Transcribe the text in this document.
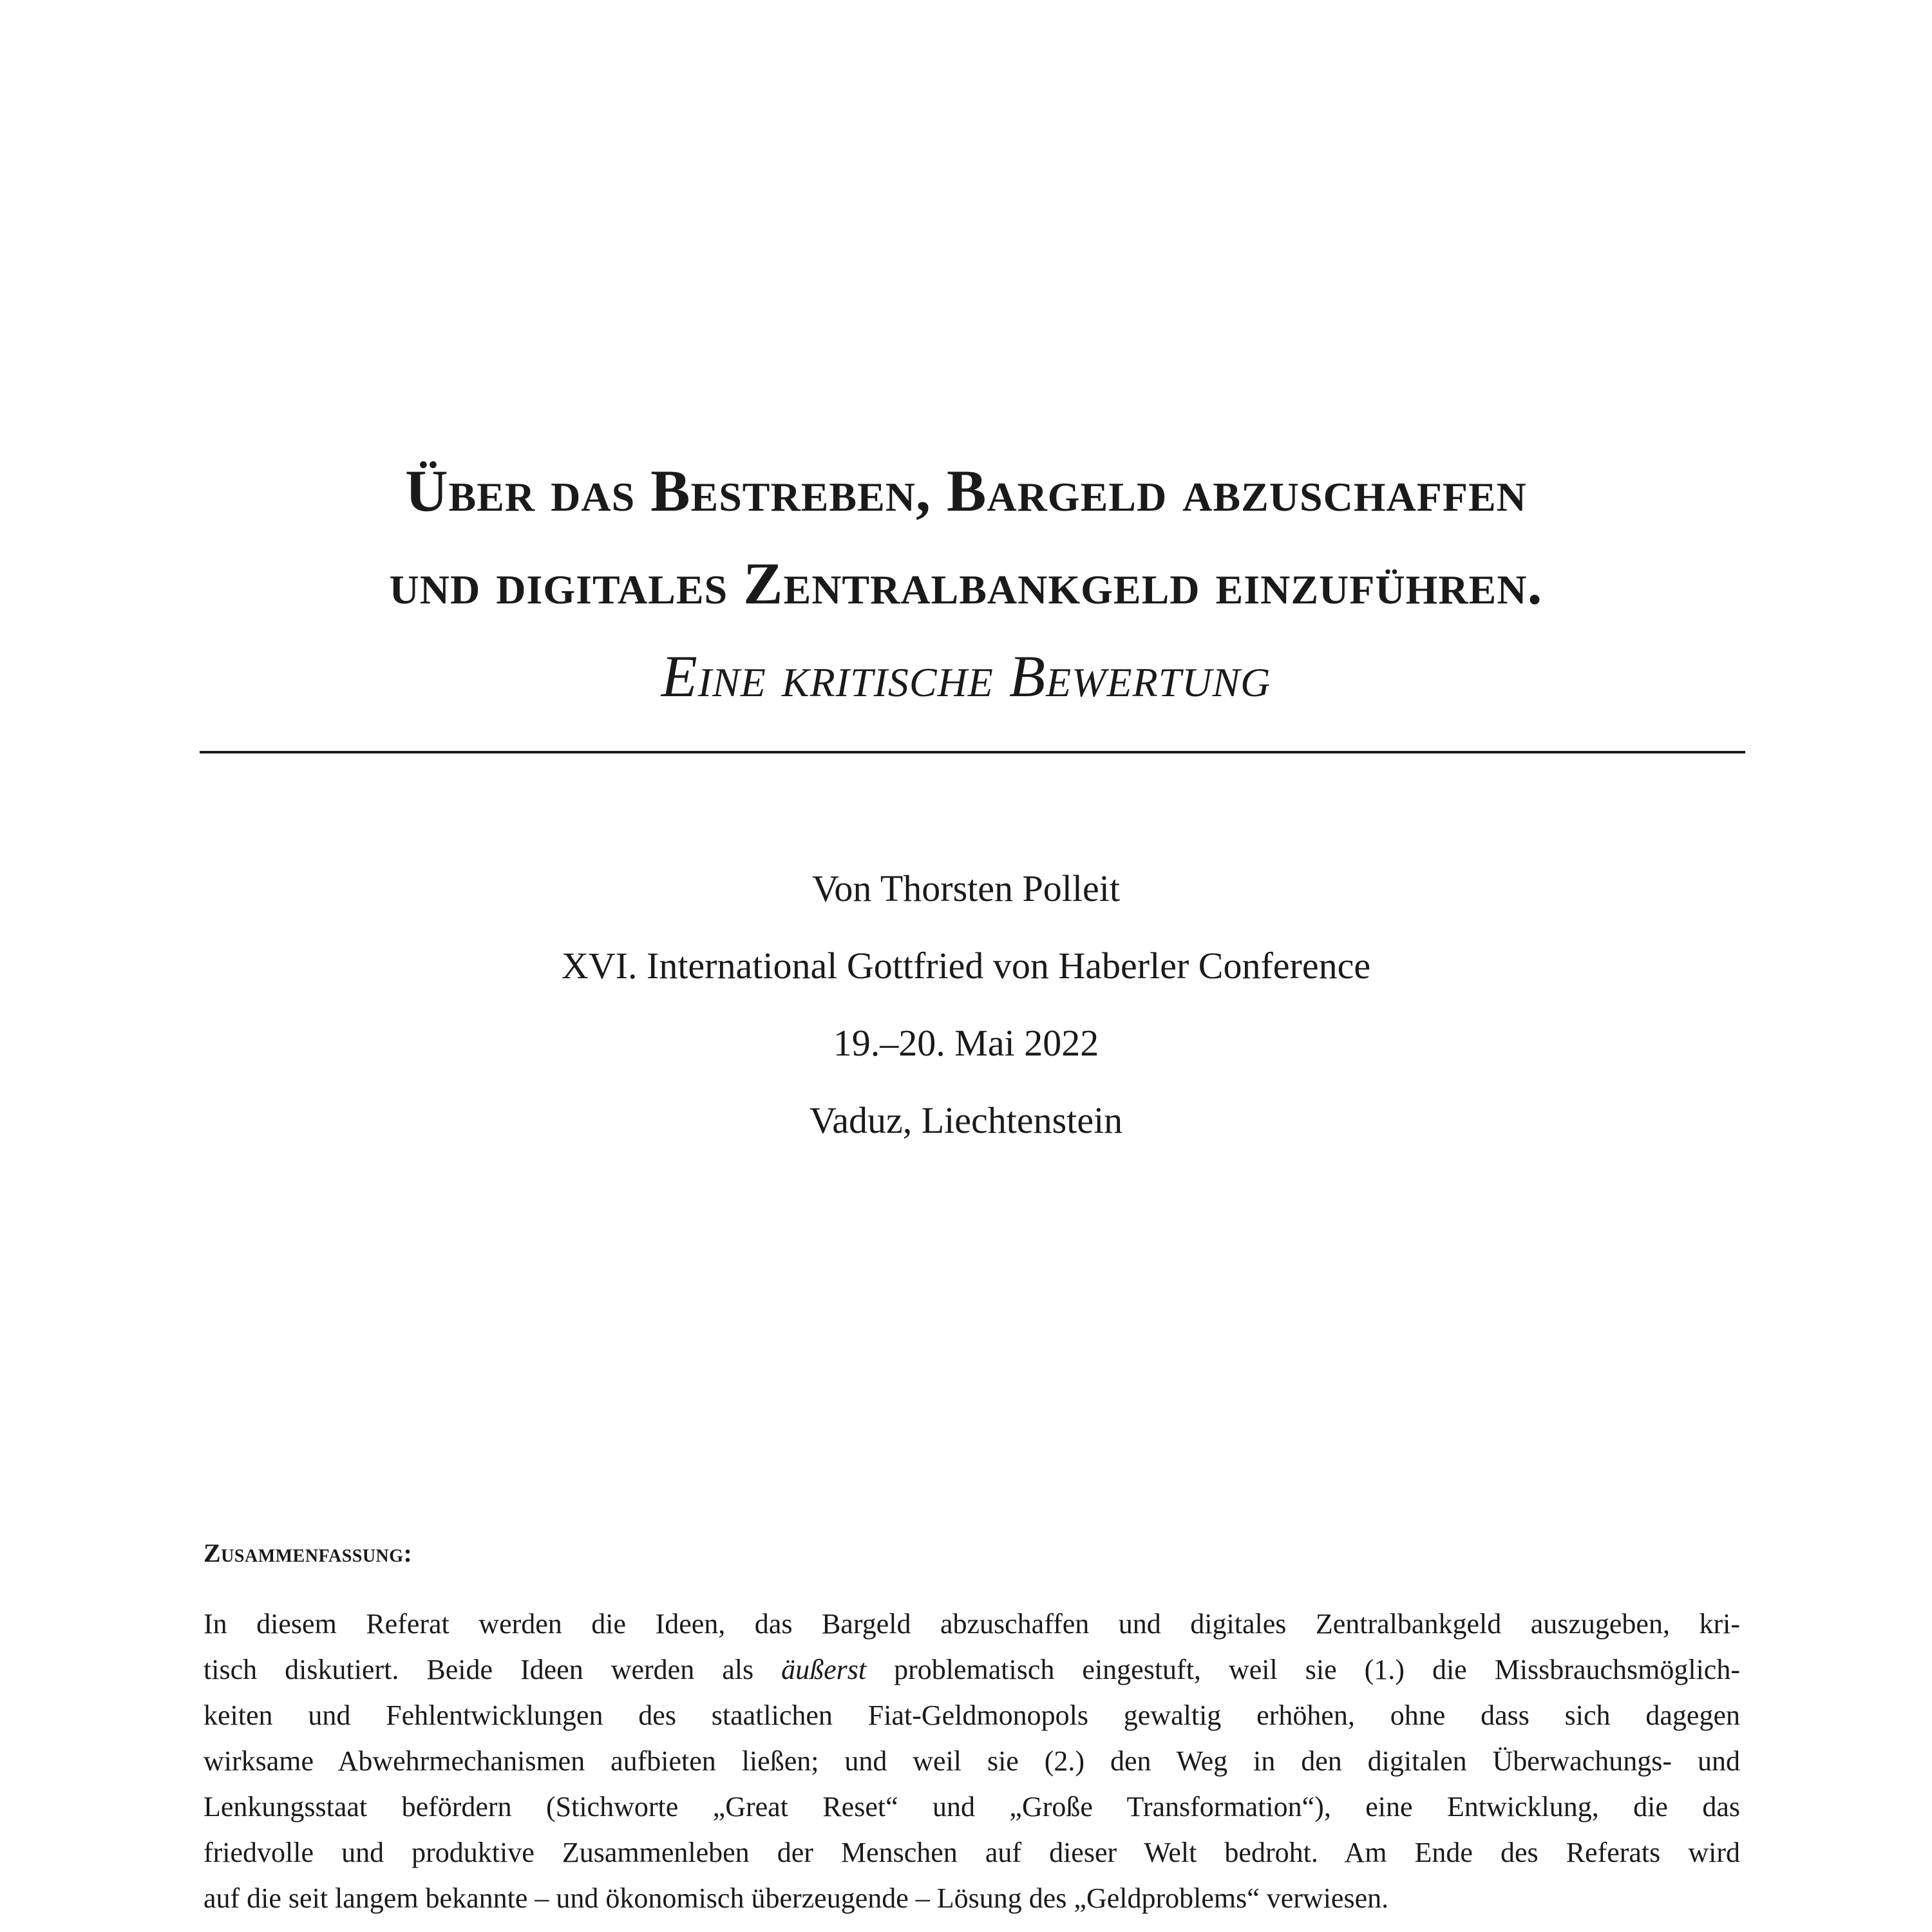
Über das Bestreben, Bargeld abzuschaffen
und digitales Zentralbankgeld einzuführen.
Eine kritische Bewertung
Von Thorsten Polleit
XVI. International Gottfried von Haberler Conference
19.–20. Mai 2022
Vaduz, Liechtenstein
Zusammenfassung:
In diesem Referat werden die Ideen, das Bargeld abzuschaffen und digitales Zentralbankgeld auszugeben, kri-
tisch diskutiert. Beide Ideen werden als äußerst problematisch eingestuft, weil sie (1.) die Missbrauchsmöglich-
keiten und Fehlentwicklungen des staatlichen Fiat-Geldmonopols gewaltig erhöhen, ohne dass sich dagegen
wirksame Abwehrmechanismen aufbieten ließen; und weil sie (2.) den Weg in den digitalen Überwachungs- und
Lenkungsstaat befördern (Stichworte „Great Reset“ und „Große Transformation“), eine Entwicklung, die das
friedvolle und produktive Zusammenleben der Menschen auf dieser Welt bedroht. Am Ende des Referats wird
auf die seit langem bekannte – und ökonomisch überzeugende – Lösung des „Geldproblems“ verwiesen.
